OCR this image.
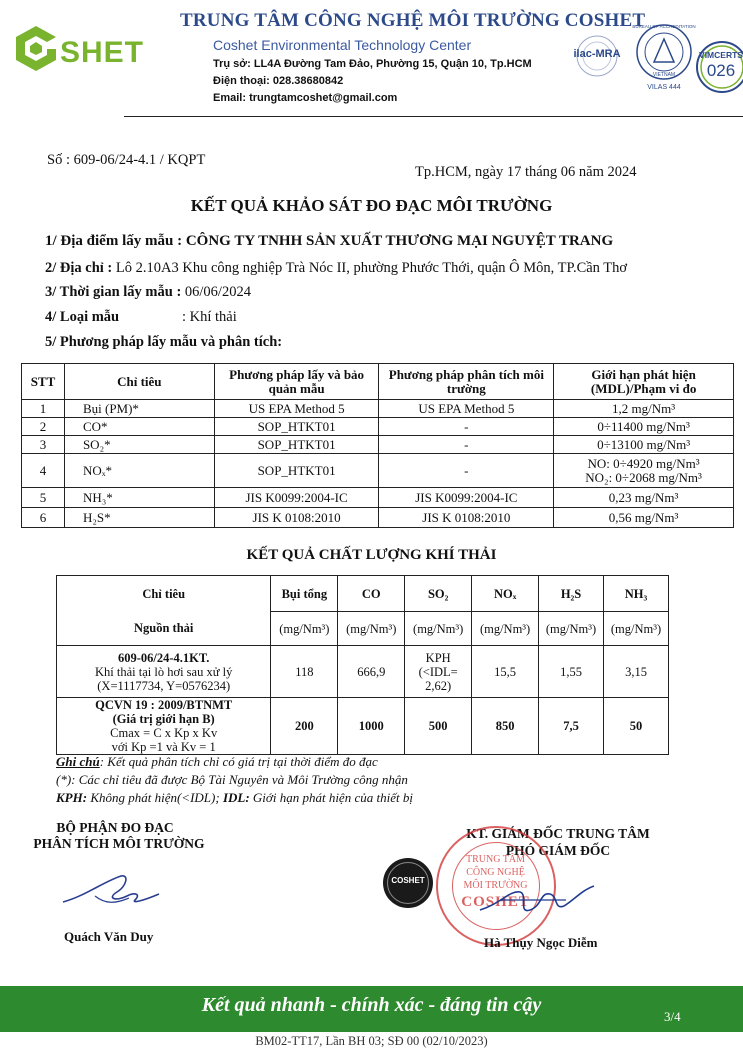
SHET
TRUNG TÂM CÔNG NGHỆ MÔI TRƯỜNG COSHET
Coshet Environmental Technology Center
Trụ sở: LL4A Đường Tam Đảo, Phường 15, Quận 10, Tp.HCM
Điện thoại: 028.38680842
Email: trungtamcoshet@gmail.com
ilac-MRA
BUREAU OF ACCREDITATION
VIETNAM
VILAS 444
VIMCERTS
026
Số : 609-06/24-4.1 / KQPT
Tp.HCM, ngày 17 tháng 06 năm 2024
KẾT QUẢ KHẢO SÁT ĐO ĐẠC MÔI TRƯỜNG
1/ Địa điểm lấy mẫu : CÔNG TY TNHH SẢN XUẤT THƯƠNG MẠI NGUYỆT TRANG
2/ Địa chỉ : Lô 2.10A3 Khu công nghiệp Trà Nóc II, phường Phước Thới, quận Ô Môn, TP.Cần Thơ
3/ Thời gian lấy mẫu : 06/06/2024
4/ Loại mẫu	: Khí thải
5/ Phương pháp lấy mẫu và phân tích:
STT	Chỉ tiêu	Phương pháp lấy và bảo quản mẫu	Phương pháp phân tích môi trường	Giới hạn phát hiện (MDL)/Phạm vi đo
1	Bụi (PM)*	US EPA Method 5	US EPA Method 5	1,2 mg/Nm³
2	CO*	SOP_HTKT01	-	0÷11400 mg/Nm³
3	SO₂*	SOP_HTKT01	-	0÷13100 mg/Nm³
4	NOₓ*	SOP_HTKT01	-	NO: 0÷4920 mg/Nm³
NO₂: 0÷2068 mg/Nm³

5	NH₃*	JIS K0099:2004-IC	JIS K0099:2004-IC	0,23 mg/Nm³
6	H₂S*	JIS K 0108:2010	JIS K 0108:2010	0,56 mg/Nm³
KẾT QUẢ CHẤT LƯỢNG KHÍ THẢI
Chỉ tiêu	Bụi tổng	CO	SO₂	NOₓ	H₂S	NH₃
Nguồn thải	(mg/Nm³)	(mg/Nm³)	(mg/Nm³)	(mg/Nm³)	(mg/Nm³)	(mg/Nm³)

609-06/24-4.1KT.
Khí thải tại lò hơi sau xử lý
(X=1117734, Y=0576234)	118	666,9	KPH (<IDL= 2,62)	15,5	1,55	3,15

QCVN 19 : 2009/BTNMT
(Giá trị giới hạn B)
Cmax = C x Kp x Kv
với Kp =1 và Kv = 1	200	1000	500	850	7,5	50
Ghi chú: Kết quả phân tích chỉ có giá trị tại thời điểm đo đạc
(*): Các chỉ tiêu đã được Bộ Tài Nguyên và Môi Trường công nhận
KPH: Không phát hiện(<IDL); IDL: Giới hạn phát hiện của thiết bị
BỘ PHẬN ĐO ĐẠC
PHÂN TÍCH MÔI TRƯỜNG
Quách Văn Duy
KT. GIÁM ĐỐC TRUNG TÂM
PHÓ GIÁM ĐỐC
COSHET
TRUNG TÂM
CÔNG NGHỆ
MÔI TRƯỜNG
COSHET
Hà Thụy Ngọc Diễm
Kết quả nhanh - chính xác - đáng tin cậy
3/4
BM02-TT17, Lần BH 03; SĐ 00 (02/10/2023)
